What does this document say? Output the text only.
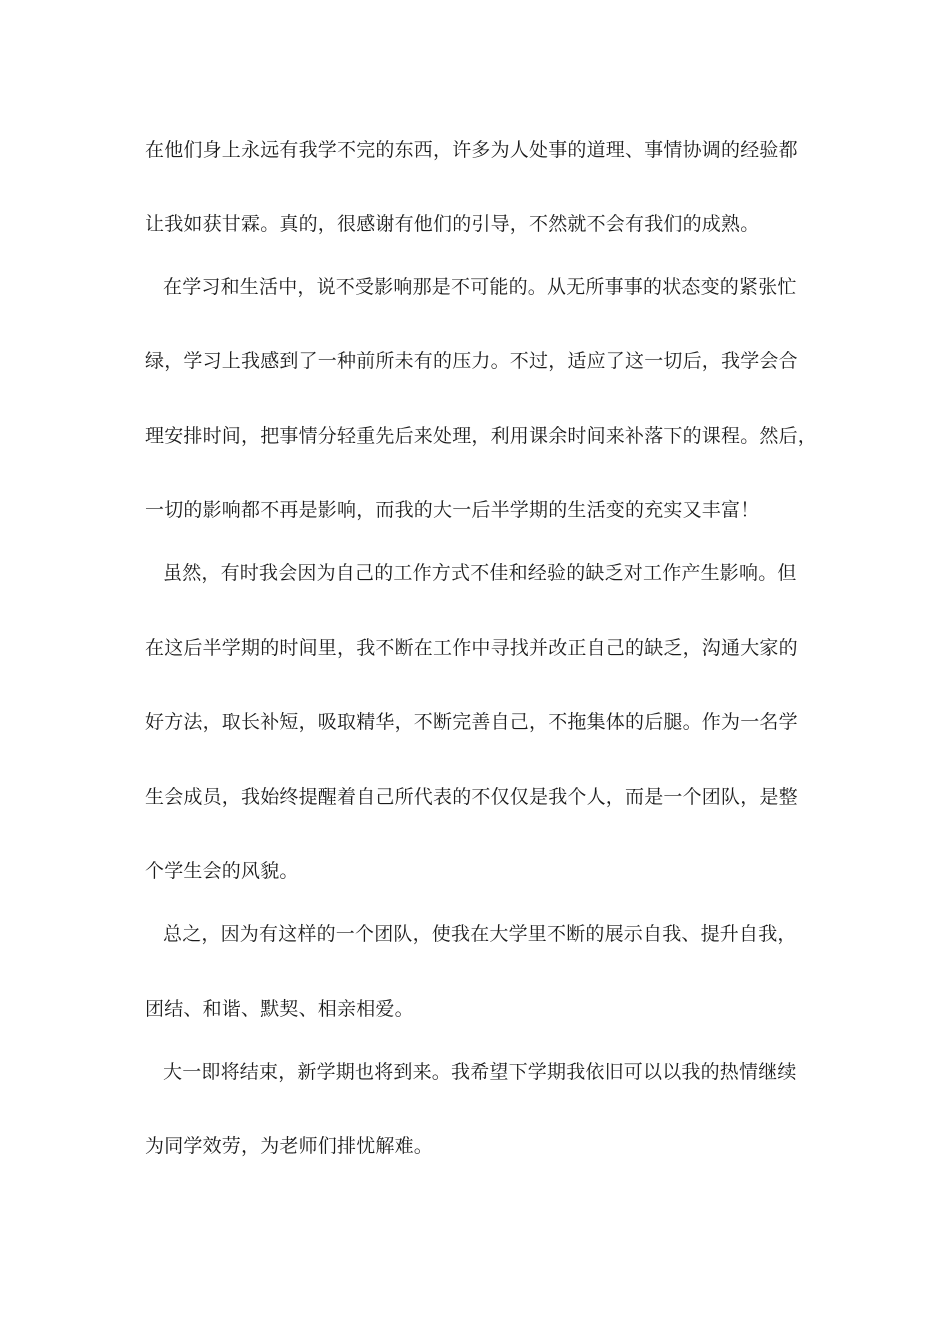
在他们身上永远有我学不完的东西，许多为人处事的道理、事情协调的经验都
让我如获甘霖。真的，很感谢有他们的引导，不然就不会有我们的成熟。
在学习和生活中，说不受影响那是不可能的。从无所事事的状态变的紧张忙
绿，学习上我感到了一种前所未有的压力。不过，适应了这一切后，我学会合
理安排时间，把事情分轻重先后来处理，利用课余时间来补落下的课程。然后，
一切的影响都不再是影响，而我的大一后半学期的生活变的充实又丰富！
虽然，有时我会因为自己的工作方式不佳和经验的缺乏对工作产生影响。但
在这后半学期的时间里，我不断在工作中寻找并改正自己的缺乏，沟通大家的
好方法，取长补短，吸取精华，不断完善自己，不拖集体的后腿。作为一名学
生会成员，我始终提醒着自己所代表的不仅仅是我个人，而是一个团队，是整
个学生会的风貌。
总之，因为有这样的一个团队，使我在大学里不断的展示自我、提升自我，
团结、和谐、默契、相亲相爱。
大一即将结束，新学期也将到来。我希望下学期我依旧可以以我的热情继续
为同学效劳，为老师们排忧解难。
